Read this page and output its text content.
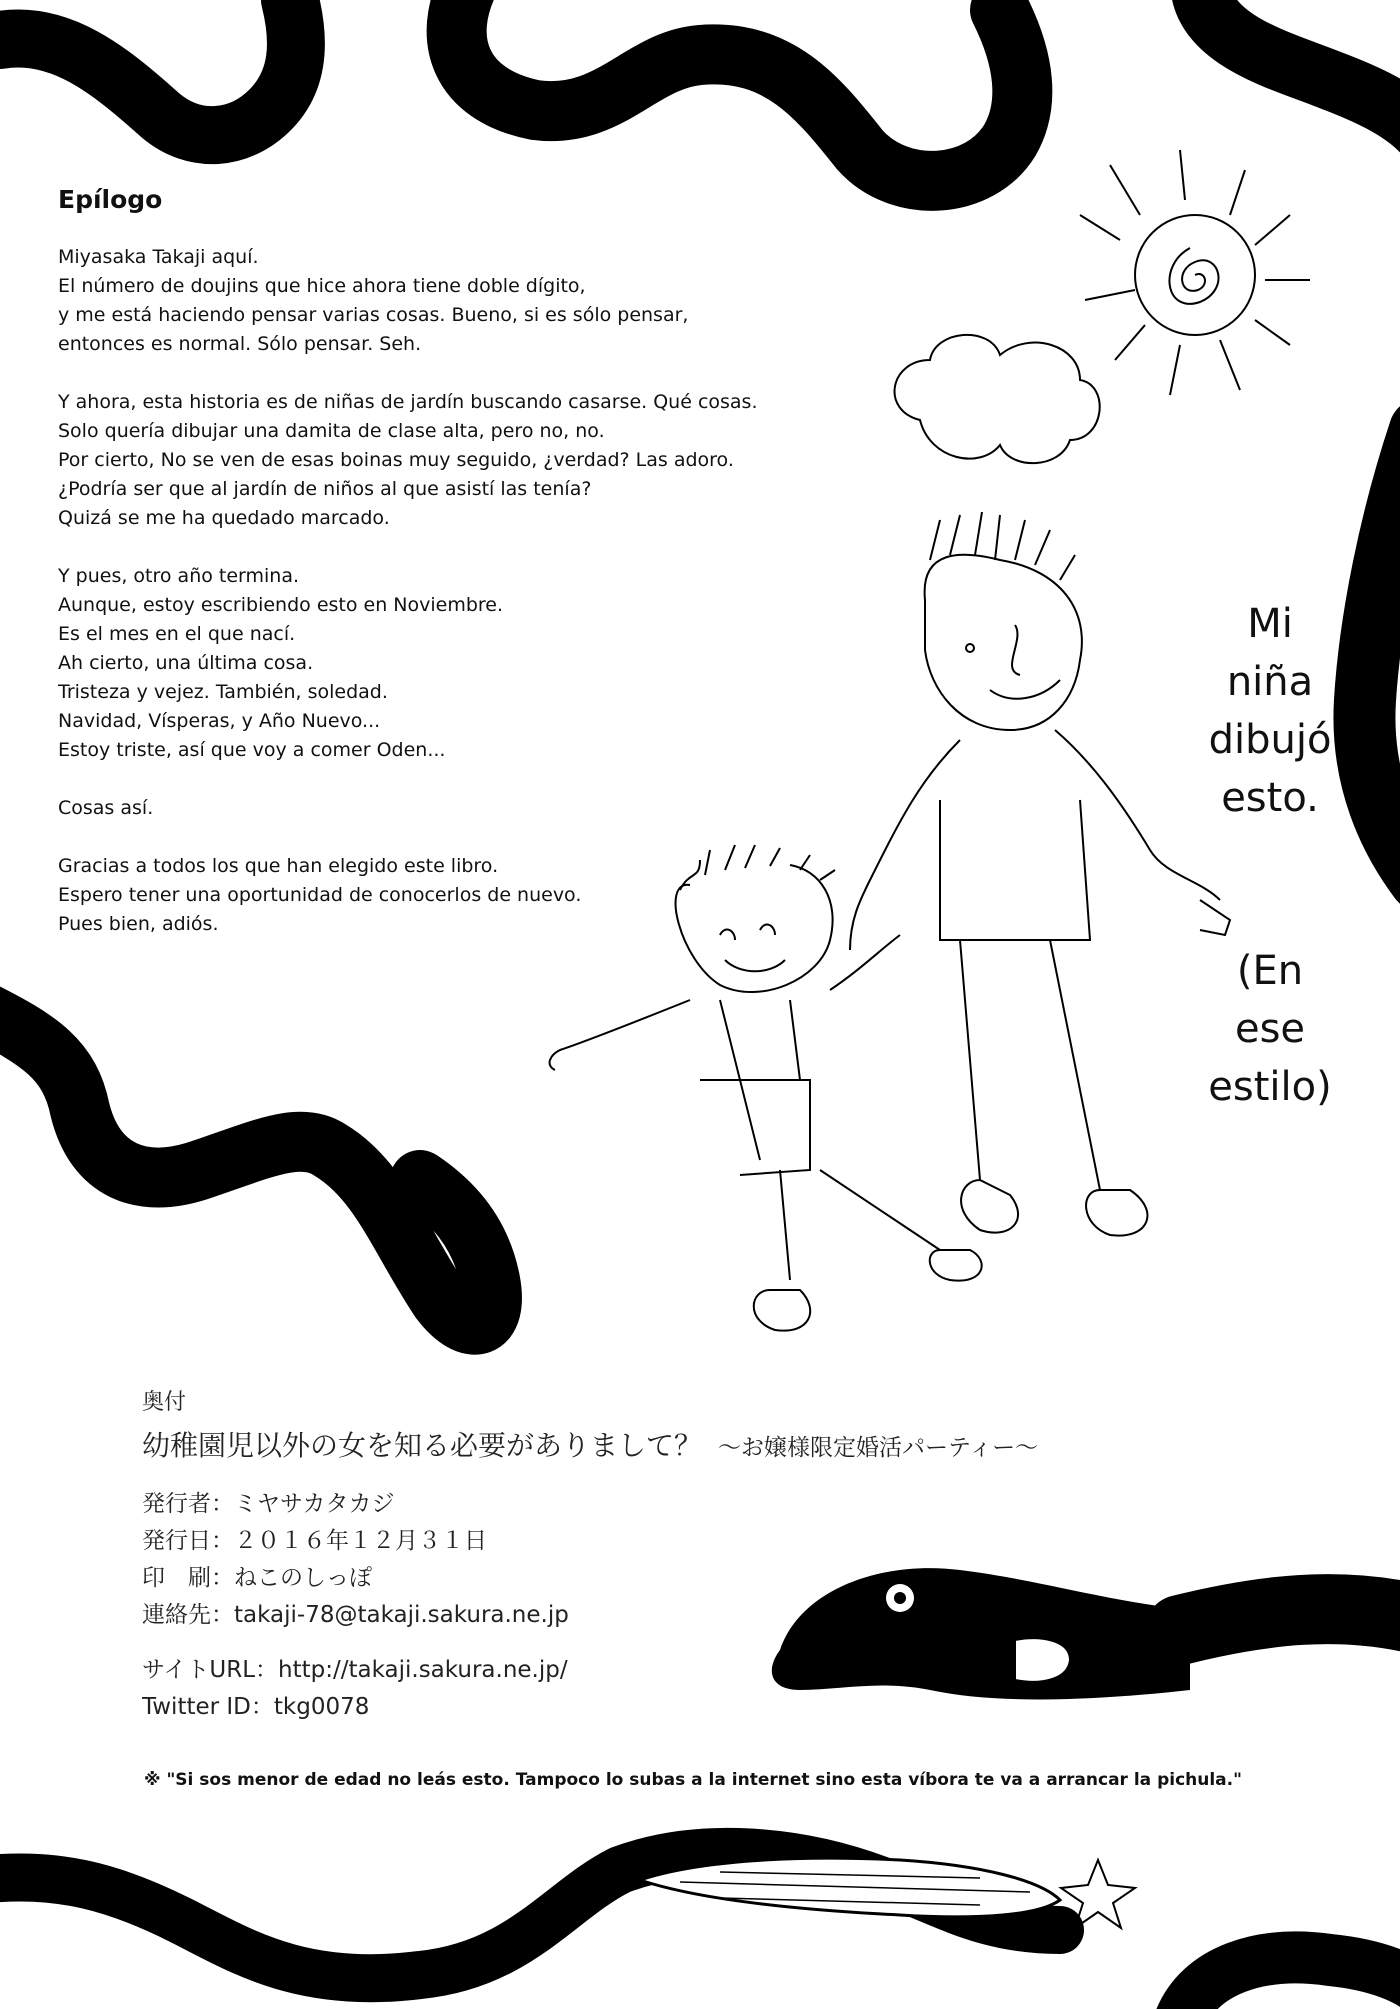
Epílogo
Miyasaka Takaji aquí.
El número de doujins que hice ahora tiene doble dígito,
y me está haciendo pensar varias cosas. Bueno, si es sólo pensar,
entonces es normal. Sólo pensar. Seh.
Y ahora, esta historia es de niñas de jardín buscando casarse. Qué cosas.
Solo quería dibujar una damita de clase alta, pero no, no.
Por cierto, No se ven de esas boinas muy seguido, ¿verdad? Las adoro.
¿Podría ser que al jardín de niños al que asistí las tenía?
Quizá se me ha quedado marcado.
Y pues, otro año termina.
Aunque, estoy escribiendo esto en Noviembre.
Es el mes en el que nací.
Ah cierto, una última cosa.
Tristeza y vejez. También, soledad.
Navidad, Vísperas, y Año Nuevo...
Estoy triste, así que voy a comer Oden...
Cosas así.
Gracias a todos los que han elegido este libro.
Espero tener una oportunidad de conocerlos de nuevo.
Pues bien, adiós.
Mi
niña
dibujó
esto.
(En
ese
estilo)
奥付
幼稚園児以外の女を知る必要がありまして？ ～お嬢様限定婚活パーティー～
発行者：ミヤサカタカジ
発行日：２０１６年１２月３１日
印　刷：ねこのしっぽ
連絡先：takaji-78@takaji.sakura.ne.jp
サイトURL：http://takaji.sakura.ne.jp/
Twitter ID：tkg0078
※ "Si sos menor de edad no leás esto. Tampoco lo subas a la internet sino esta víbora te va a arrancar la pichula."
